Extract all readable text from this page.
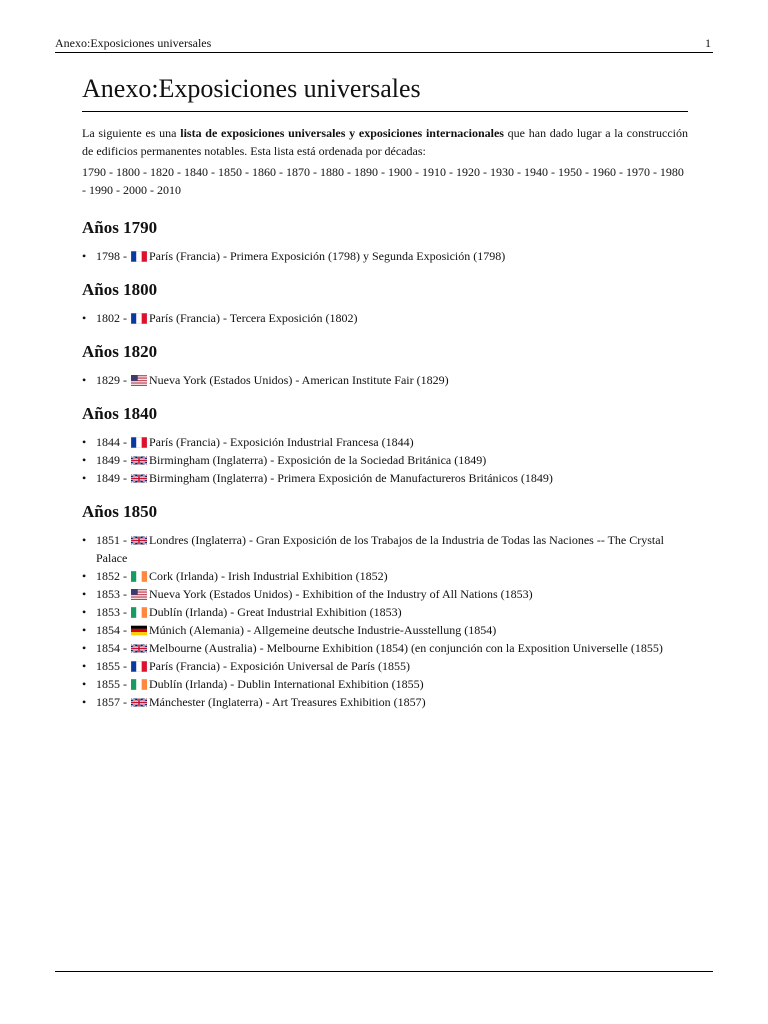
Anexo:Exposiciones universales	1
Anexo:Exposiciones universales

La siguiente es una lista de exposiciones universales y exposiciones internacionales que han dado lugar a la construcción de edificios permanentes notables. Esta lista está ordenada por décadas:

1790 - 1800 - 1820 - 1840 - 1850 - 1860 - 1870 - 1880 - 1890 - 1900 - 1910 - 1920 - 1930 - 1940 - 1950 - 1960 - 1970 - 1980 - 1990 - 2000 - 2010

Años 1790
• 1798 - París (Francia) - Primera Exposición (1798) y Segunda Exposición (1798)
Años 1800
• 1802 - París (Francia) - Tercera Exposición (1802)
Años 1820
• 1829 - Nueva York (Estados Unidos) - American Institute Fair (1829)
Años 1840
• 1844 - París (Francia) - Exposición Industrial Francesa (1844)
• 1849 - Birmingham (Inglaterra) - Exposición de la Sociedad Británica (1849)
• 1849 - Birmingham (Inglaterra) - Primera Exposición de Manufactureros Británicos (1849)
Años 1850
• 1851 - Londres (Inglaterra) - Gran Exposición de los Trabajos de la Industria de Todas las Naciones -- The Crystal Palace
• 1852 - Cork (Irlanda) - Irish Industrial Exhibition (1852)
• 1853 - Nueva York (Estados Unidos) - Exhibition of the Industry of All Nations (1853)
• 1853 - Dublín (Irlanda) - Great Industrial Exhibition (1853)
• 1854 - Múnich (Alemania) - Allgemeine deutsche Industrie-Ausstellung (1854)
• 1854 - Melbourne (Australia) - Melbourne Exhibition (1854) (en conjunción con la Exposition Universelle (1855)
• 1855 - París (Francia) - Exposición Universal de París (1855)
• 1855 - Dublín (Irlanda) - Dublin International Exhibition (1855)
• 1857 - Mánchester (Inglaterra) - Art Treasures Exhibition (1857)
